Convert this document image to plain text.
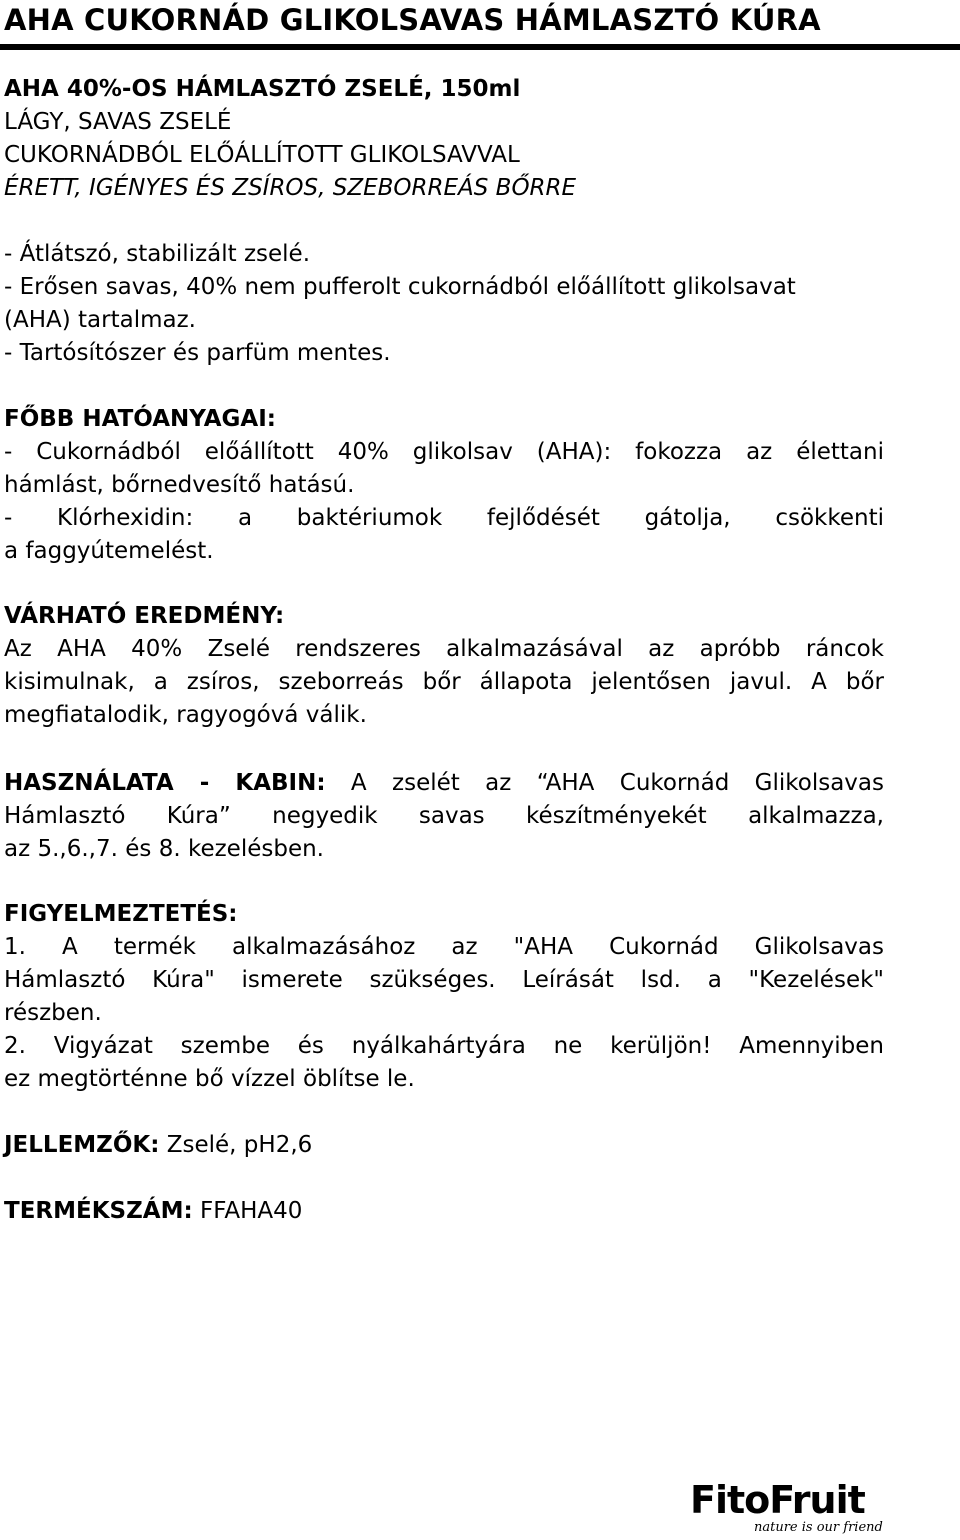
AHA CUKORNÁD GLIKOLSAVAS HÁMLASZTÓ KÚRA
AHA 40%-OS HÁMLASZTÓ ZSELÉ, 150ml
LÁGY, SAVAS ZSELÉ
CUKORNÁDBÓL ELŐÁLLÍTOTT GLIKOLSAVVAL
ÉRETT, IGÉNYES ÉS ZSÍROS, SZEBORREÁS BŐRRE
- Átlátszó, stabilizált zselé.
- Erősen savas, 40% nem pufferolt cukornádból előállított glikolsavat
(AHA) tartalmaz.
- Tartósítószer és parfüm mentes.
FŐBB HATÓANYAGAI:
- Cukornádból előállított 40% glikolsav (AHA): fokozza az élettani
hámlást, bőrnedvesítő hatású.
- Klórhexidin: a baktériumok fejlődését gátolja, csökkenti
a faggyútemelést.
VÁRHATÓ EREDMÉNY:
Az AHA 40% Zselé rendszeres alkalmazásával az apróbb ráncok
kisimulnak, a zsíros, szeborreás bőr állapota jelentősen javul. A bőr
megfiatalodik, ragyogóvá válik.
HASZNÁLATA - KABIN: A zselét az “AHA Cukornád Glikolsavas
Hámlasztó Kúra” negyedik savas készítményekét alkalmazza,
az 5.,6.,7. és 8. kezelésben.
FIGYELMEZTETÉS:
1. A termék alkalmazásához az "AHA Cukornád Glikolsavas
Hámlasztó Kúra" ismerete szükséges. Leírását lsd. a "Kezelések"
részben.
2. Vigyázat szembe és nyálkahártyára ne kerüljön! Amennyiben
ez megtörténne bő vízzel öblítse le.
JELLEMZŐK: Zselé, pH2,6
TERMÉKSZÁM: FFAHA40
FitoFruit
nature is our friend
